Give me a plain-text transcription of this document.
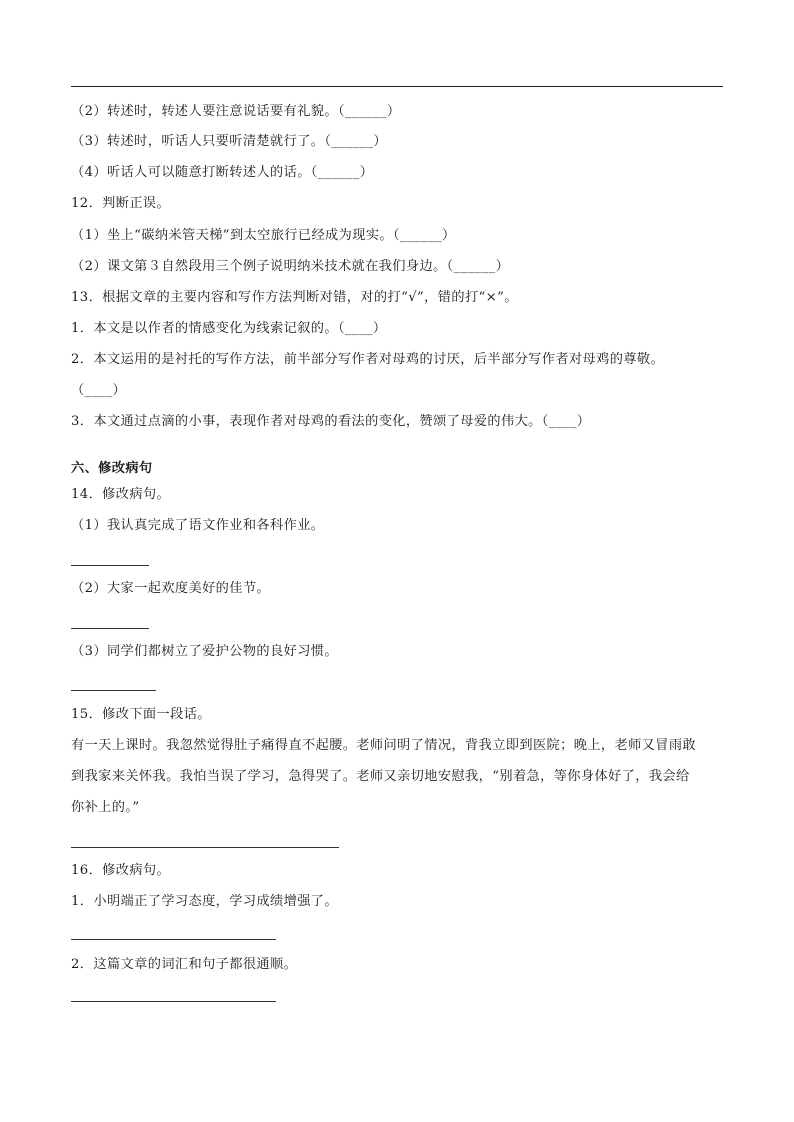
（2）转述时，转述人要注意说话要有礼貌。（______）
（3）转述时，听话人只要听清楚就行了。（______）
（4）听话人可以随意打断转述人的话。（______）
12．判断正误。
（1）坐上“碳纳米管天梯”到太空旅行已经成为现实。（______）
（2）课文第３自然段用三个例子说明纳米技术就在我们身边。（______）
13．根据文章的主要内容和写作方法判断对错，对的打“√”，错的打“×”。
1．本文是以作者的情感变化为线索记叙的。（____）
2．本文运用的是衬托的写作方法，前半部分写作者对母鸡的讨厌，后半部分写作者对母鸡的尊敬。
（____）
3．本文通过点滴的小事，表现作者对母鸡的看法的变化，赞颂了母爱的伟大。（____）
六、修改病句
14．修改病句。
（1）我认真完成了语文作业和各科作业。
（2）大家一起欢度美好的佳节。
（3）同学们都树立了爱护公物的良好习惯。
15．修改下面一段话。
有一天上课时。我忽然觉得肚子痛得直不起腰。老师问明了情况，背我立即到医院；晚上，老师又冒雨敢
到我家来关怀我。我怕当误了学习，急得哭了。老师又亲切地安慰我，“别着急，等你身体好了，我会给
你补上的。”
16．修改病句。
1．小明端正了学习态度，学习成绩增强了。
2．这篇文章的词汇和句子都很通顺。
